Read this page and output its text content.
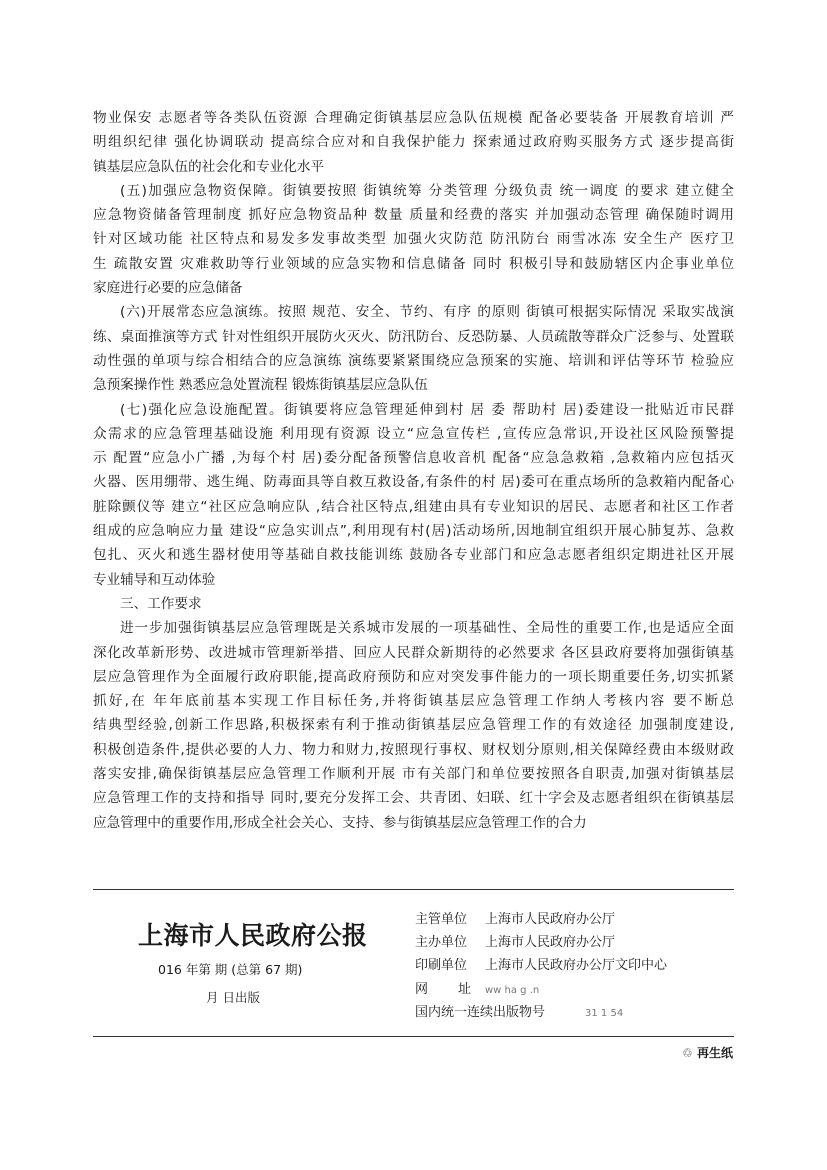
物业保安 志愿者等各类队伍资源 合理确定街镇基层应急队伍规模 配备必要装备 开展教育培训 严
明组织纪律 强化协调联动 提高综合应对和自我保护能力 探索通过政府购买服务方式 逐步提高街
镇基层应急队伍的社会化和专业化水平
(五)加强应急物资保障。街镇要按照 街镇统筹 分类管理 分级负责 统一调度 的要求 建立健全
应急物资储备管理制度 抓好应急物资品种 数量 质量和经费的落实 并加强动态管理 确保随时调用
针对区域功能 社区特点和易发多发事故类型 加强火灾防范 防汛防台 雨雪冰冻 安全生产 医疗卫
生 疏散安置 灾难救助等行业领域的应急实物和信息储备 同时 积极引导和鼓励辖区内企事业单位
家庭进行必要的应急储备
(六)开展常态应急演练。按照 规范、安全、节约、有序 的原则 街镇可根据实际情况 采取实战演
练、桌面推演等方式 针对性组织开展防火灭火、防汛防台、反恐防暴、人员疏散等群众广泛参与、处置联
动性强的单项与综合相结合的应急演练 演练要紧紧围绕应急预案的实施、培训和评估等环节 检验应
急预案操作性 熟悉应急处置流程 锻炼街镇基层应急队伍
(七)强化应急设施配置。街镇要将应急管理延伸到村 居 委 帮助村 居)委建设一批贴近市民群
众需求的应急管理基础设施 利用现有资源 设立“应急宣传栏 ,宣传应急常识,开设社区风险预警提
示 配置“应急小广播 ,为每个村 居)委分配备预警信息收音机 配备“应急急救箱 ,急救箱内应包括灭
火器、医用绷带、逃生绳、防毒面具等自救互救设备,有条件的村 居)委可在重点场所的急救箱内配备心
脏除颤仪等 建立“社区应急响应队 ,结合社区特点,组建由具有专业知识的居民、志愿者和社区工作者
组成的应急响应力量 建设“应急实训点”,利用现有村(居)活动场所,因地制宜组织开展心肺复苏、急救
包扎、灭火和逃生器材使用等基础自救技能训练 鼓励各专业部门和应急志愿者组织定期进社区开展
专业辅导和互动体验
三、工作要求
进一步加强街镇基层应急管理既是关系城市发展的一项基础性、全局性的重要工作,也是适应全面
深化改革新形势、改进城市管理新举措、回应人民群众新期待的必然要求 各区县政府要将加强街镇基
层应急管理作为全面履行政府职能,提高政府预防和应对突发事件能力的一项长期重要任务,切实抓紧
抓好,在 年年底前基本实现工作目标任务,并将街镇基层应急管理工作纳人考核内容 要不断总
结典型经验,创新工作思路,积极探索有利于推动街镇基层应急管理工作的有效途径 加强制度建设,
积极创造条件,提供必要的人力、物力和财力,按照现行事权、财权划分原则,相关保障经费由本级财政
落实安排,确保街镇基层应急管理工作顺利开展 市有关部门和单位要按照各自职责,加强对街镇基层
应急管理工作的支持和指导 同时,要充分发挥工会、共青团、妇联、红十字会及志愿者组织在街镇基层
应急管理中的重要作用,形成全社会关心、支持、参与街镇基层应急管理工作的合力
上海市人民政府公报
016 年第 期 (总第 67 期)
月 日出版
主管单位 上海市人民政府办公厅
主办单位 上海市人民政府办公厅
印刷单位 上海市人民政府办公厅文印中心
网址 ww ha g .n
国内统一连续出版物号	31 1 54
♲ 再生纸
